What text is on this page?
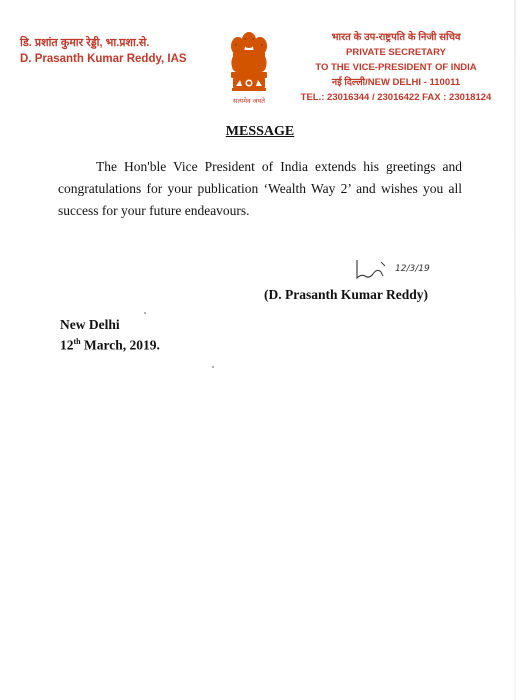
डि. प्रशांत कुमार रेड्डी, भा.प्रशा.से.
D. Prasanth Kumar Reddy, IAS
सत्यमेव जयते
भारत के उप-राष्ट्रपति के निजी सचिव
PRIVATE SECRETARY
TO THE VICE-PRESIDENT OF INDIA
नई दिल्ली/NEW DELHI - 110011
TEL.: 23016344 / 23016422 FAX : 23018124
MESSAGE
The Hon'ble Vice President of India extends his greetings and congratulations for your publication ‘Wealth Way 2’ and wishes you all success for your future endeavours.
12/3/19
(D. Prasanth Kumar Reddy)
New Delhi
12th March, 2019.
